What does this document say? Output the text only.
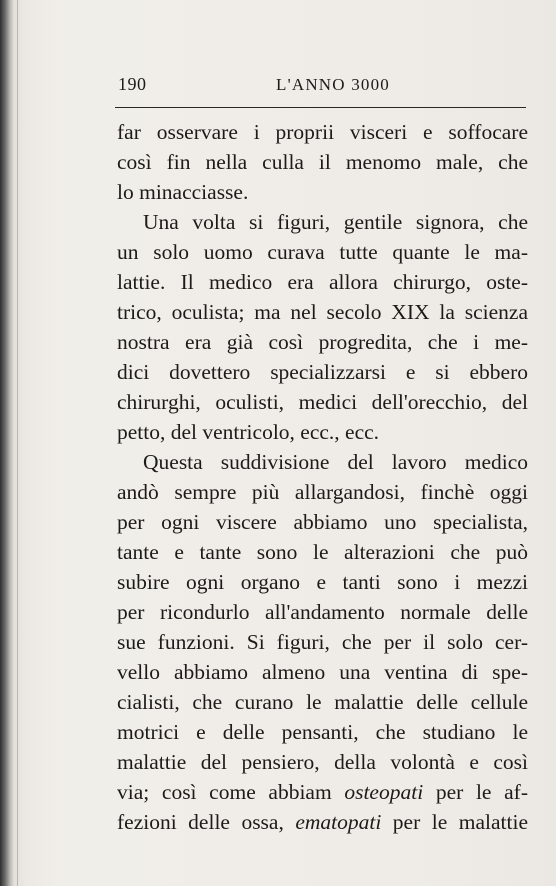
190	L'ANNO 3000
far osservare i proprii visceri e soffocare
così fin nella culla il menomo male, che
lo minacciasse.
Una volta si figuri, gentile signora, che
un solo uomo curava tutte quante le ma-
lattie. Il medico era allora chirurgo, oste-
trico, oculista; ma nel secolo XIX la scienza
nostra era già così progredita, che i me-
dici dovettero specializzarsi e si ebbero
chirurghi, oculisti, medici dell'orecchio, del
petto, del ventricolo, ecc., ecc.
Questa suddivisione del lavoro medico
andò sempre più allargandosi, finchè oggi
per ogni viscere abbiamo uno specialista,
tante e tante sono le alterazioni che può
subire ogni organo e tanti sono i mezzi
per ricondurlo all'andamento normale delle
sue funzioni. Si figuri, che per il solo cer-
vello abbiamo almeno una ventina di spe-
cialisti, che curano le malattie delle cellule
motrici e delle pensanti, che studiano le
malattie del pensiero, della volontà e così
via; così come abbiam osteopati per le af-
fezioni delle ossa, ematopati per le malattie
